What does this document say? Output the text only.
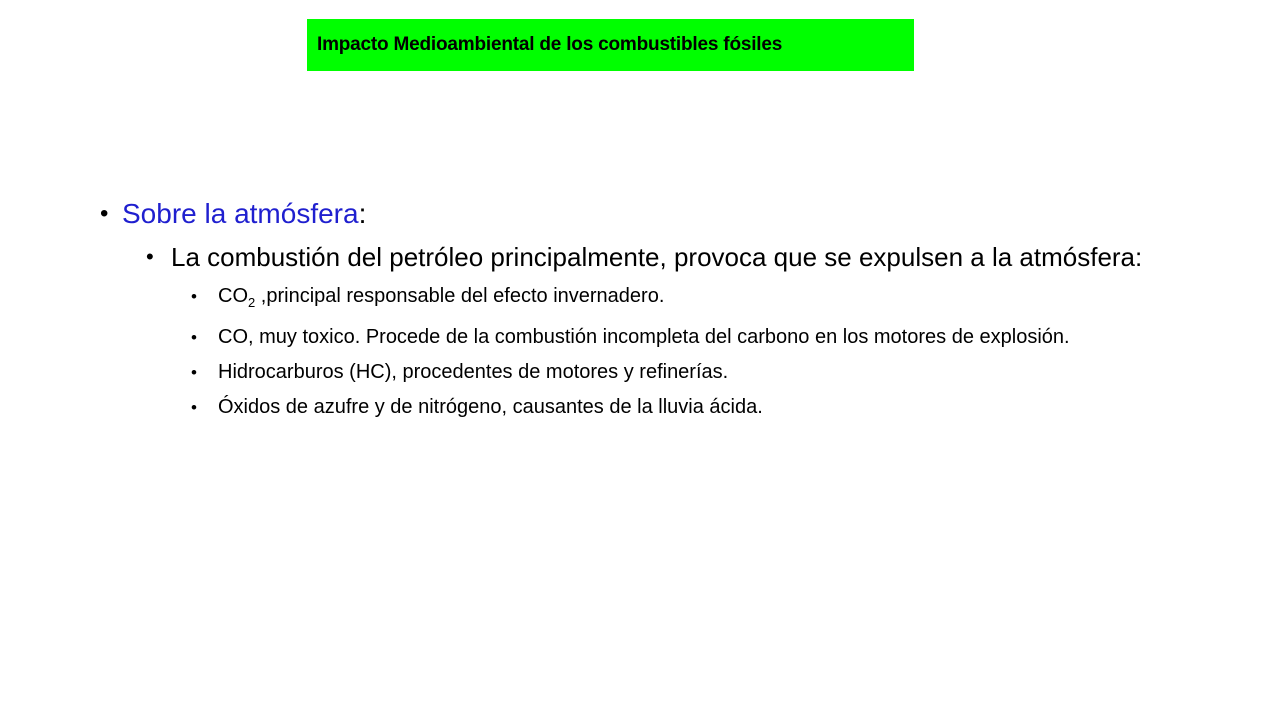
Impacto Medioambiental de los combustibles fósiles
• Sobre la atmósfera:
• La combustión del petróleo principalmente, provoca que se expulsen a la atmósfera:
• $CO_2$ ,principal responsable del efecto invernadero.
• CO, muy toxico. Procede de la combustión incompleta del carbono en los motores de explosión.
• Hidrocarburos (HC), procedentes de motores y refinerías.
• Óxidos de azufre y de nitrógeno, causantes de la lluvia ácida.
